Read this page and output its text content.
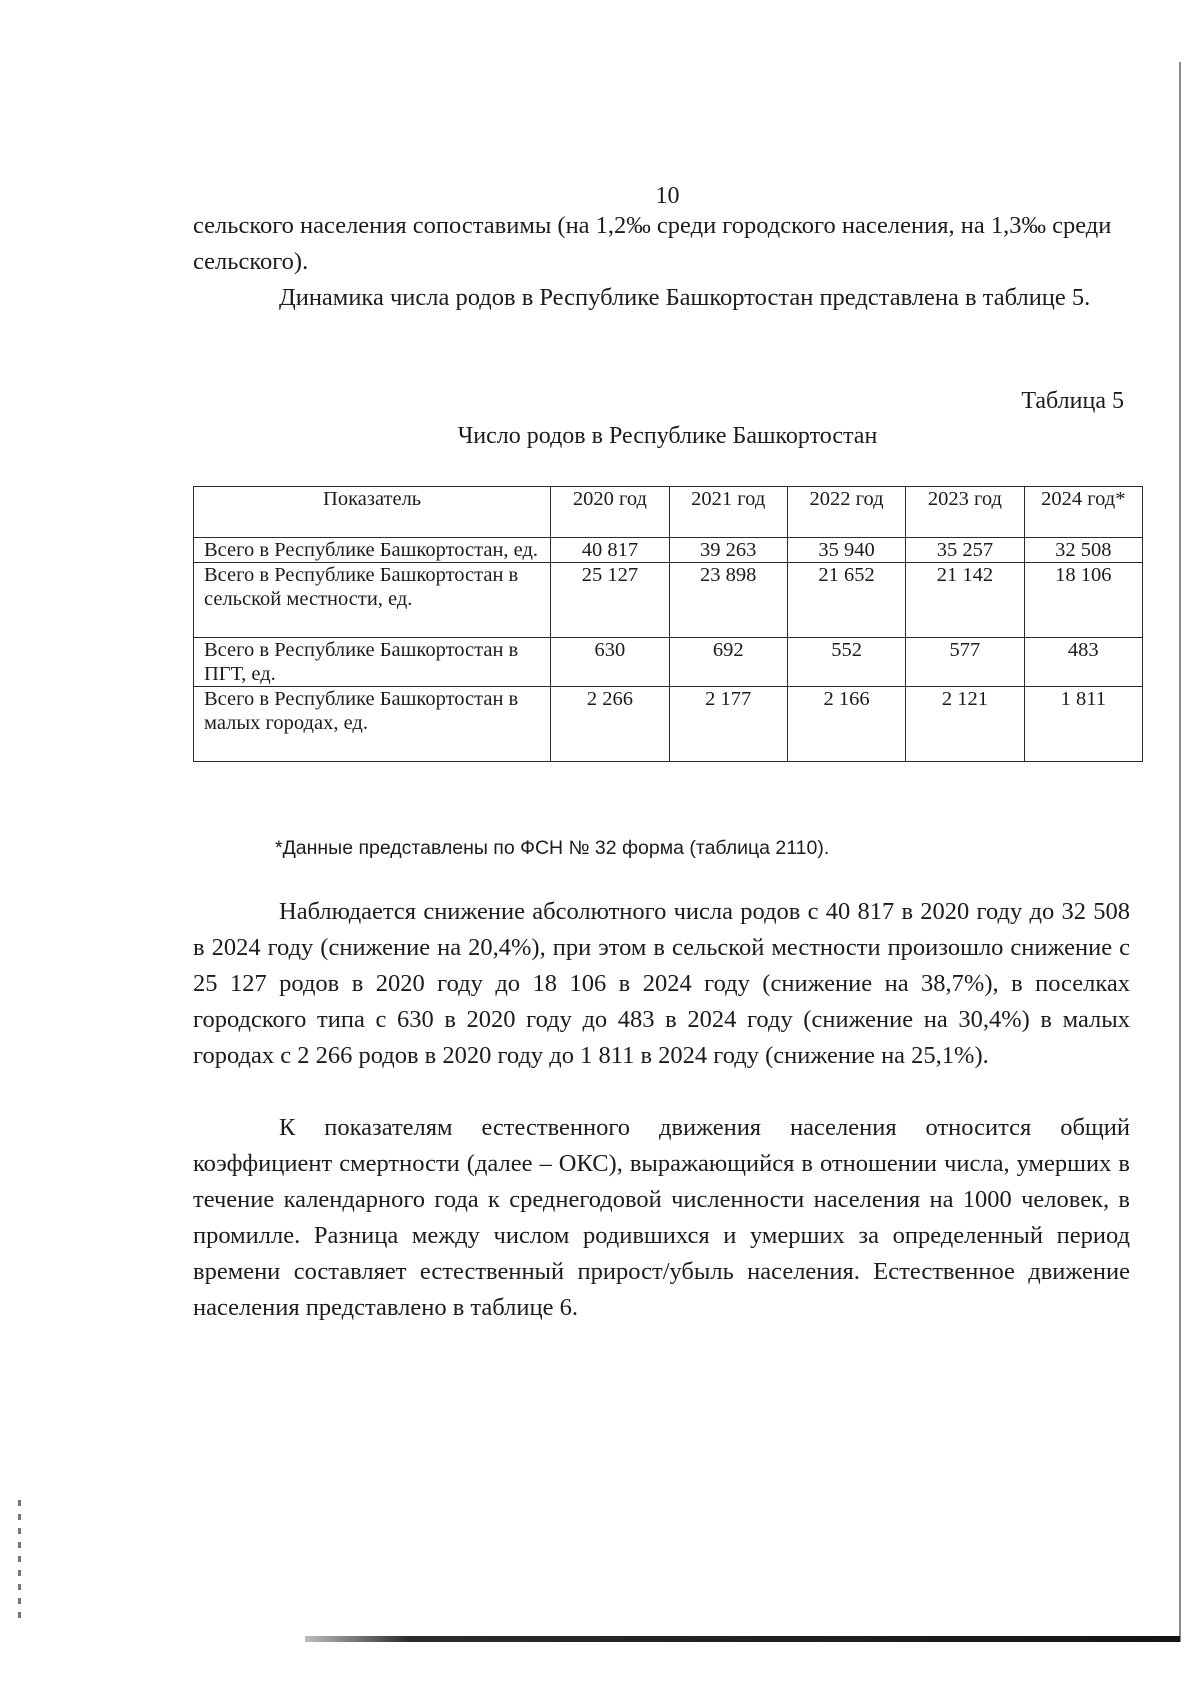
10

сельского населения сопоставимы (на 1,2‰ среди городского населения, на 1,3‰ среди сельского).

Динамика числа родов в Республике Башкортостан представлена в таблице 5.

Таблица 5

Число родов в Республике Башкортостан

Показатель	2020 год	2021 год	2022 год	2023 год	2024 год*
Всего в Республике Башкортостан, ед.	40 817	39 263	35 940	35 257	32 508
Всего в Республике Башкортостан в сельской местности, ед.	25 127	23 898	21 652	21 142	18 106
Всего в Республике Башкортостан в ПГТ, ед.	630	692	552	577	483
Всего в Республике Башкортостан в малых городах, ед.	2 266	2 177	2 166	2 121	1 811

*Данные представлены по ФСН № 32 форма (таблица 2110).

Наблюдается снижение абсолютного числа родов с 40 817 в 2020 году до 32 508 в 2024 году (снижение на 20,4%), при этом в сельской местности произошло снижение с 25 127 родов в 2020 году до 18 106 в 2024 году (снижение на 38,7%), в поселках городского типа с 630 в 2020 году до 483 в 2024 году (снижение на 30,4%) в малых городах с 2 266 родов в 2020 году до 1 811 в 2024 году (снижение на 25,1%).

К показателям естественного движения населения относится общий коэффициент смертности (далее – ОКС), выражающийся в отношении числа, умерших в течение календарного года к среднегодовой численности населения на 1000 человек, в промилле. Разница между числом родившихся и умерших за определенный период времени составляет естественный прирост/убыль населения. Естественное движение населения представлено в таблице 6.
